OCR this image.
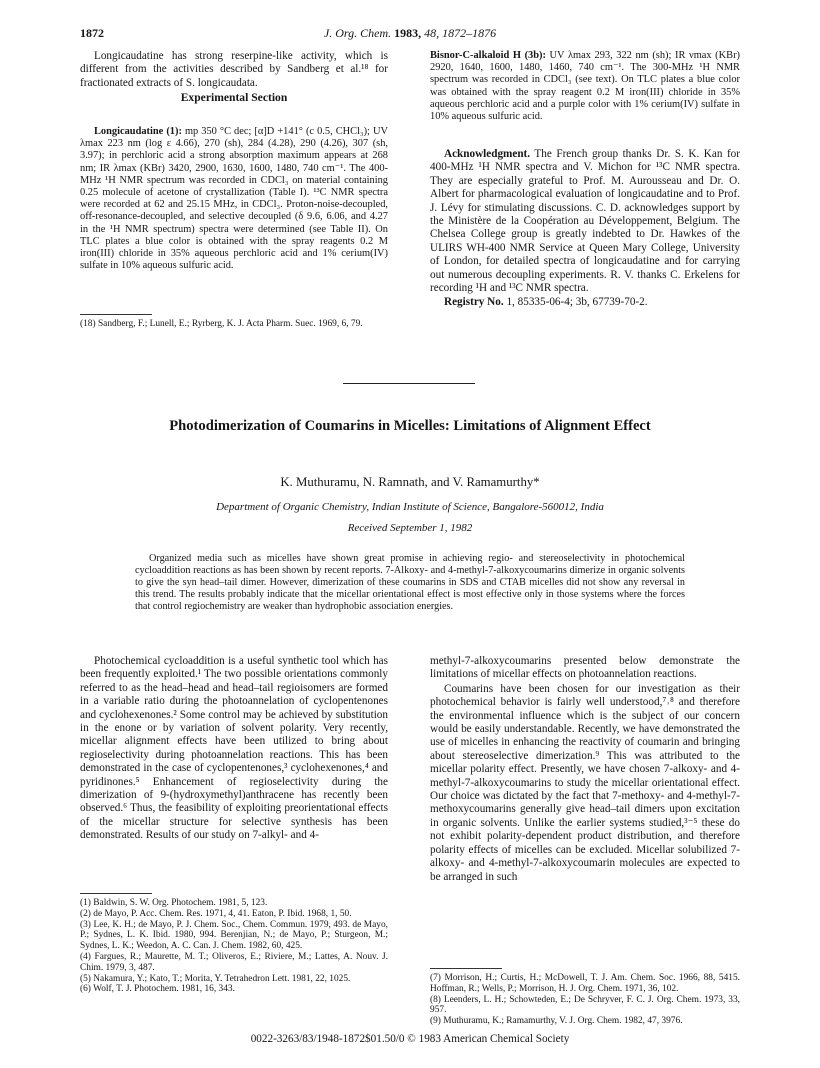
1872	J. Org. Chem. 1983, 48, 1872–1876

Longicaudatine has strong reserpine-like activity, which is different from the activities described by Sandberg et al.¹⁸ for fractionated extracts of S. longicaudata.

Experimental Section

Longicaudatine (1): mp 350 °C dec; [α]D +141° (c 0.5, CHCl₃); UV λmax 223 nm (log ε 4.66), 270 (sh), 284 (4.28), 290 (4.26), 307 (sh, 3.97); in perchloric acid a strong absorption maximum appears at 268 nm; IR λmax (KBr) 3420, 2900, 1630, 1600, 1480, 740 cm⁻¹. The 400-MHz ¹H NMR spectrum was recorded in CDCl₃ on material containing 0.25 molecule of acetone of crystallization (Table I). ¹³C NMR spectra were recorded at 62 and 25.15 MHz, in CDCl₃. Proton-noise-decoupled, off-resonance-decoupled, and selective decoupled (δ 9.6, 6.06, and 4.27 in the ¹H NMR spectrum) spectra were determined (see Table II). On TLC plates a blue color is obtained with the spray reagents 0.2 M iron(III) chloride in 35% aqueous perchloric acid and 1% cerium(IV) sulfate in 10% aqueous sulfuric acid.

(18) Sandberg, F.; Lunell, E.; Ryrberg, K. J. Acta Pharm. Suec. 1969, 6, 79.

Bisnor-C-alkaloid H (3b): UV λmax 293, 322 nm (sh); IR νmax (KBr) 2920, 1640, 1600, 1480, 1460, 740 cm⁻¹. The 300-MHz ¹H NMR spectrum was recorded in CDCl₃ (see text). On TLC plates a blue color was obtained with the spray reagent 0.2 M iron(III) chloride in 35% aqueous perchloric acid and a purple color with 1% cerium(IV) sulfate in 10% aqueous sulfuric acid.

Acknowledgment. The French group thanks Dr. S. K. Kan for 400-MHz ¹H NMR spectra and V. Michon for ¹³C NMR spectra. They are especially grateful to Prof. M. Aurousseau and Dr. O. Albert for pharmacological evaluation of longicaudatine and to Prof. J. Lévy for stimulating discussions. C. D. acknowledges support by the Ministère de la Coopération au Développement, Belgium. The Chelsea College group is greatly indebted to Dr. Hawkes of the ULIRS WH-400 NMR Service at Queen Mary College, University of London, for detailed spectra of longicaudatine and for carrying out numerous decoupling experiments. R. V. thanks C. Erkelens for recording ¹H and ¹³C NMR spectra.

Registry No. 1, 85335-06-4; 3b, 67739-70-2.

Photodimerization of Coumarins in Micelles: Limitations of Alignment Effect
K. Muthuramu, N. Ramnath, and V. Ramamurthy*
Department of Organic Chemistry, Indian Institute of Science, Bangalore-560012, India
Received September 1, 1982
Organized media such as micelles have shown great promise in achieving regio- and stereoselectivity in photochemical cycloaddition reactions as has been shown by recent reports. 7-Alkoxy- and 4-methyl-7-alkoxycoumarins dimerize in organic solvents to give the syn head–tail dimer. However, dimerization of these coumarins in SDS and CTAB micelles did not show any reversal in this trend. The results probably indicate that the micellar orientational effect is most effective only in those systems where the forces that control regiochemistry are weaker than hydrophobic association energies.

Photochemical cycloaddition is a useful synthetic tool which has been frequently exploited.¹ The two possible orientations commonly referred to as the head–head and head–tail regioisomers are formed in a variable ratio during the photoannelation of cyclopentenones and cyclohexenones.² Some control may be achieved by substitution in the enone or by variation of solvent polarity. Very recently, micellar alignment effects have been utilized to bring about regioselectivity during photoannelation reactions. This has been demonstrated in the case of cyclopentenones,³ cyclohexenones,⁴ and pyridinones.⁵ Enhancement of regioselectivity during the dimerization of 9-(hydroxymethyl)anthracene has recently been observed.⁶ Thus, the feasibility of exploiting preorientational effects of the micellar structure for selective synthesis has been demonstrated. Results of our study on 7-alkyl- and 4-

(1) Baldwin, S. W. Org. Photochem. 1981, 5, 123.
(2) de Mayo, P. Acc. Chem. Res. 1971, 4, 41. Eaton, P. Ibid. 1968, 1, 50.
(3) Lee, K. H.; de Mayo, P. J. Chem. Soc., Chem. Commun. 1979, 493. de Mayo, P.; Sydnes, L. K. Ibid. 1980, 994. Berenjian, N.; de Mayo, P.; Sturgeon, M.; Sydnes, L. K.; Weedon, A. C. Can. J. Chem. 1982, 60, 425.
(4) Fargues, R.; Maurette, M. T.; Oliveros, E.; Riviere, M.; Lattes, A. Nouv. J. Chim. 1979, 3, 487.
(5) Nakamura, Y.; Kato, T.; Morita, Y. Tetrahedron Lett. 1981, 22, 1025.
(6) Wolf, T. J. Photochem. 1981, 16, 343.

methyl-7-alkoxycoumarins presented below demonstrate the limitations of micellar effects on photoannelation reactions.

Coumarins have been chosen for our investigation as their photochemical behavior is fairly well understood,⁷˒⁸ and therefore the environmental influence which is the subject of our concern would be easily understandable. Recently, we have demonstrated the use of micelles in enhancing the reactivity of coumarin and bringing about stereoselective dimerization.⁹ This was attributed to the micellar polarity effect. Presently, we have chosen 7-alkoxy- and 4-methyl-7-alkoxycoumarins to study the micellar orientational effect. Our choice was dictated by the fact that 7-methoxy- and 4-methyl-7-methoxycoumarins generally give head–tail dimers upon excitation in organic solvents. Unlike the earlier systems studied,³⁻⁵ these do not exhibit polarity-dependent product distribution, and therefore polarity effects of micelles can be excluded. Micellar solubilized 7-alkoxy- and 4-methyl-7-alkoxycoumarin molecules are expected to be arranged in such

(7) Morrison, H.; Curtis, H.; McDowell, T. J. Am. Chem. Soc. 1966, 88, 5415. Hoffman, R.; Wells, P.; Morrison, H. J. Org. Chem. 1971, 36, 102.
(8) Leenders, L. H.; Schowteden, E.; De Schryver, F. C. J. Org. Chem. 1973, 33, 957.
(9) Muthuramu, K.; Ramamurthy, V. J. Org. Chem. 1982, 47, 3976.
0022-3263/83/1948-1872$01.50/0 © 1983 American Chemical Society
